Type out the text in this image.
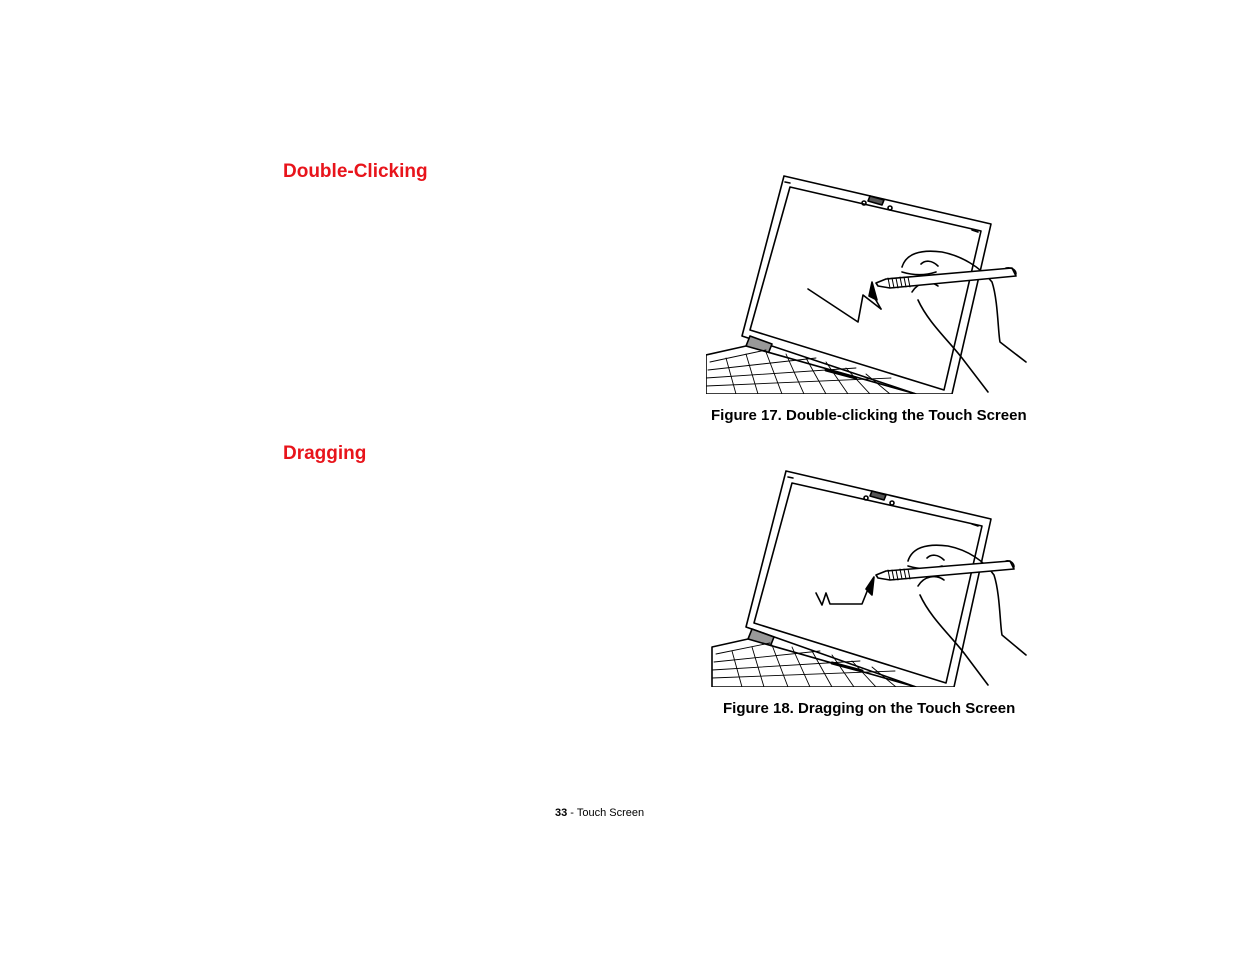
Double-Clicking

Figure 17. Double-clicking the Touch Screen

Dragging

Figure 18. Dragging on the Touch Screen

33 - Touch Screen
